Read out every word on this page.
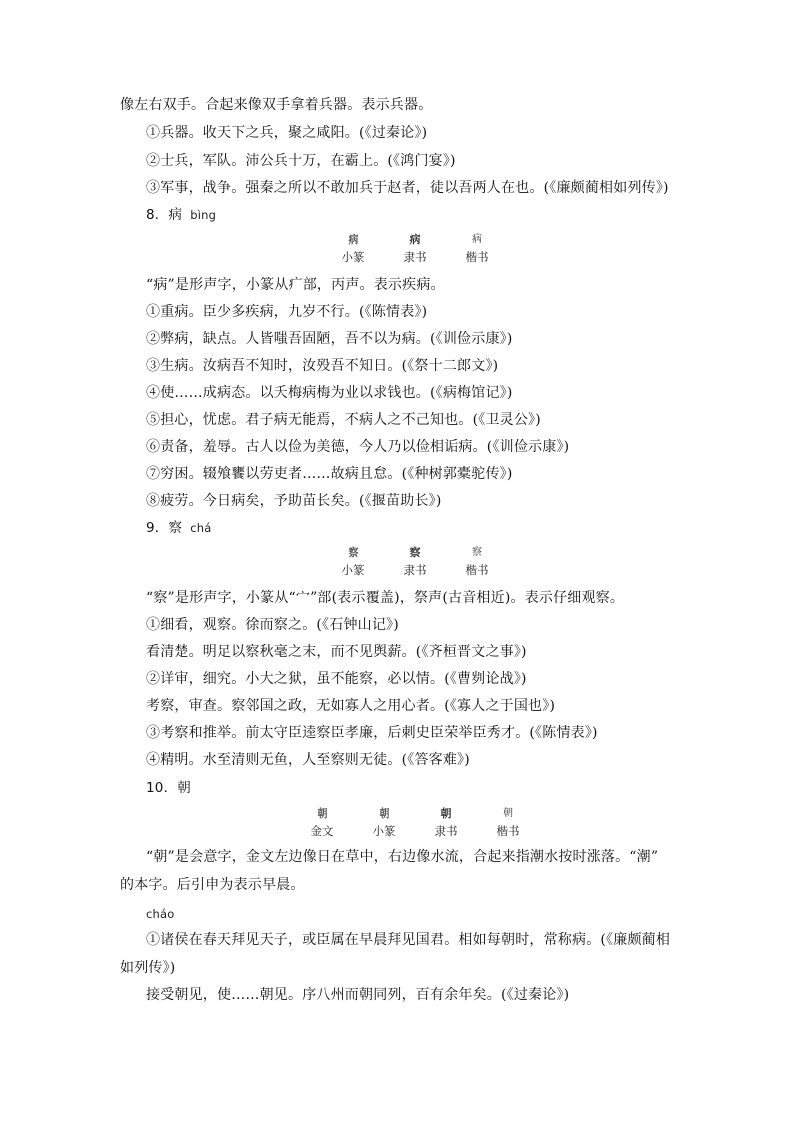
像左右双手。合起来像双手拿着兵器。表示兵器。
①兵器。收天下之兵，聚之咸阳。(《过秦论》)
②士兵，军队。沛公兵十万，在霸上。(《鸿门宴》)
③军事，战争。强秦之所以不敢加兵于赵者，徒以吾两人在也。(《廉颇蔺相如列传》)
“病”是形声字，小篆从疒部，丙声。表示疾病。
①重病。臣少多疾病，九岁不行。(《陈情表》)
②弊病，缺点。人皆嗤吾固陋，吾不以为病。(《训俭示康》)
③生病。汝病吾不知时，汝殁吾不知日。(《祭十二郎文》)
④使……成病态。以夭梅病梅为业以求钱也。(《病梅馆记》)
⑤担心，忧虑。君子病无能焉，不病人之不己知也。(《卫灵公》)
⑥责备，羞辱。古人以俭为美德，今人乃以俭相诟病。(《训俭示康》)
⑦穷困。辍飧饔以劳吏者……故病且怠。(《种树郭橐驼传》)
⑧疲劳。今日病矣，予助苗长矣。(《揠苗助长》)
“察”是形声字，小篆从“宀”部(表示覆盖)，祭声(古音相近)。表示仔细观察。
①细看，观察。徐而察之。(《石钟山记》)
看清楚。明足以察秋毫之末，而不见舆薪。(《齐桓晋文之事》)
②详审，细究。小大之狱，虽不能察，必以情。(《曹刿论战》)
考察，审查。察邻国之政，无如寡人之用心者。(《寡人之于国也》)
③考察和推举。前太守臣逵察臣孝廉，后刺史臣荣举臣秀才。(《陈情表》)
④精明。水至清则无鱼，人至察则无徒。(《答客难》)
“朝”是会意字，金文左边像日在草中，右边像水流，合起来指潮水按时涨落。“潮”
的本字。后引申为表示早晨。
①诸侯在春天拜见天子，或臣属在早晨拜见国君。相如每朝时，常称病。(《廉颇蔺相
如列传》)
接受朝见，使……朝见。序八州而朝同列，百有余年矣。(《过秦论》)
8．病 bìng
9．察 chá
10．朝
cháo
病
小篆
病
隶书
病
楷书
察
小篆
察
隶书
察
楷书
朝
金文
朝
小篆
朝
隶书
朝
楷书
